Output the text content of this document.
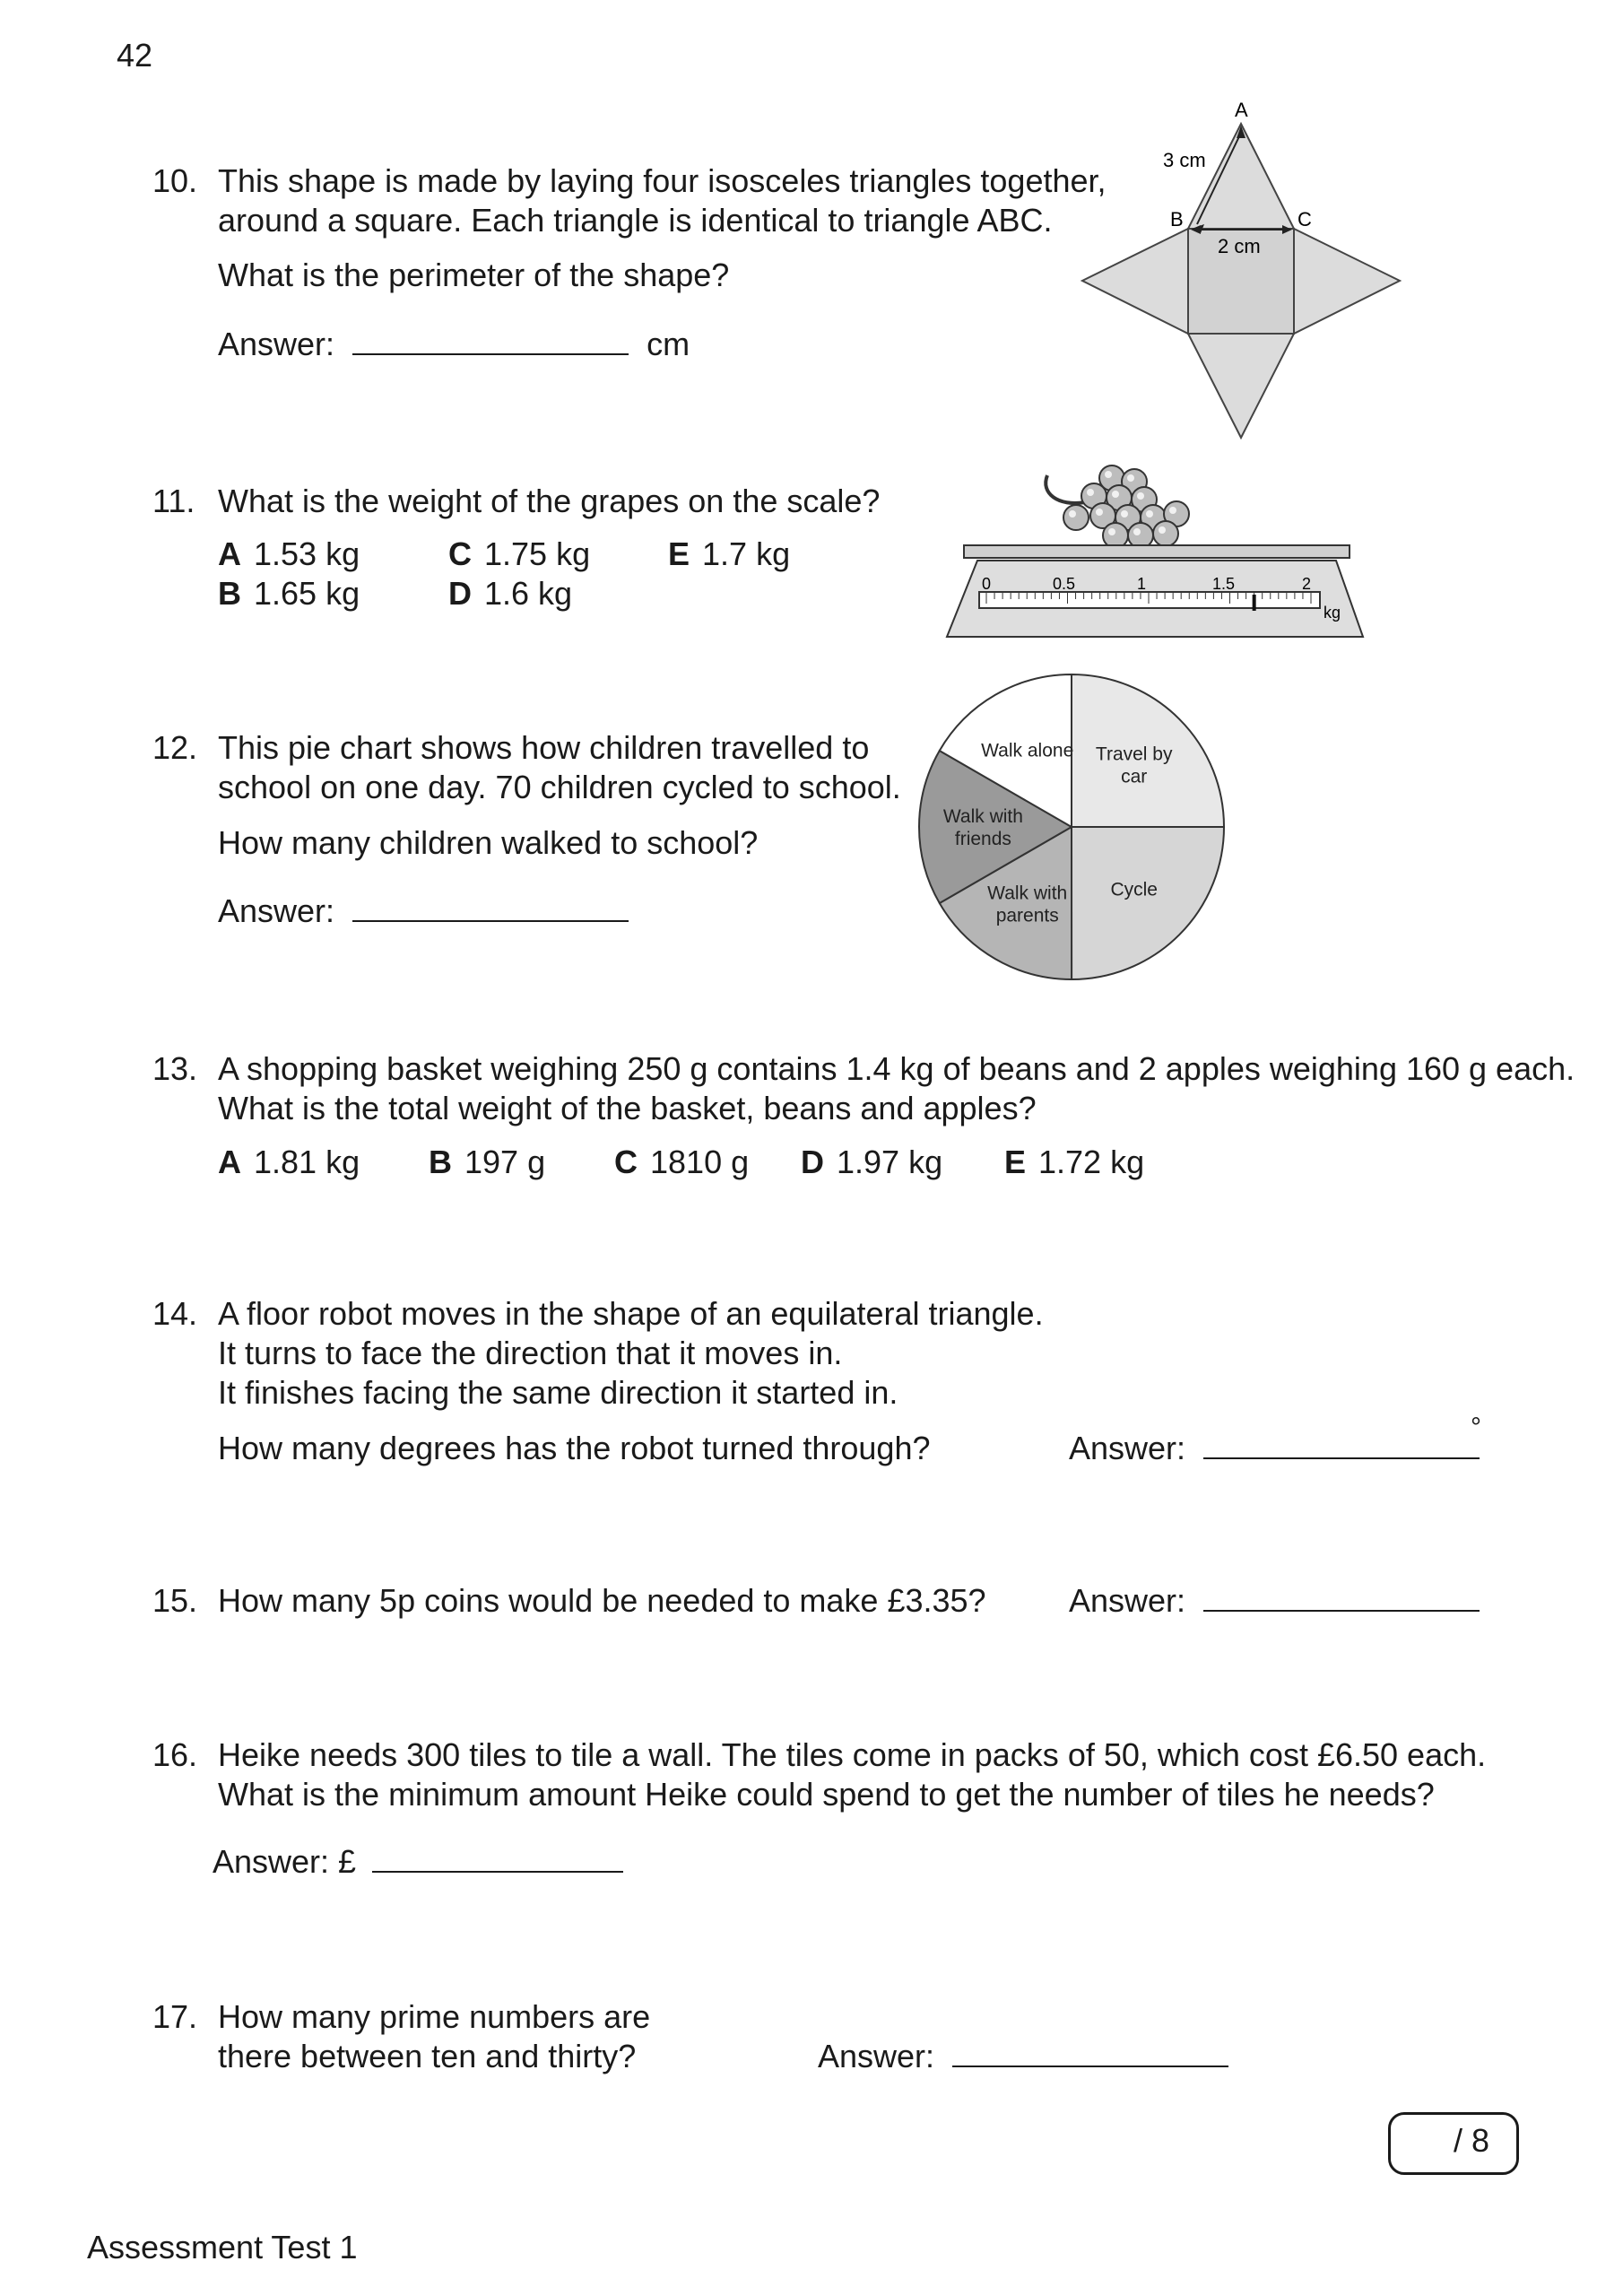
42
10. This shape is made by laying four isosceles triangles together,
around a square. Each triangle is identical to triangle ABC.
What is the perimeter of the shape?
Answer:	cm
A
B	C
3 cm
2 cm
11. What is the weight of the grapes on the scale?
A 1.53 kg
B 1.65 kg
C 1.75 kg
D 1.6 kg
E 1.7 kg
0	0.5	1	1.5	2
kg
12. This pie chart shows how children travelled to
school on one day. 70 children cycled to school.
How many children walked to school?
Answer:
Travel by car
Cycle
Walk with parents
Walk with friends
Walk alone
13. A shopping basket weighing 250 g contains 1.4 kg of beans and 2 apples weighing 160 g each.
What is the total weight of the basket, beans and apples?
A 1.81 kg B 197 g C 1810 g D 1.97 kg E 1.72 kg
14. A floor robot moves in the shape of an equilateral triangle.
It turns to face the direction that it moves in.
It finishes facing the same direction it started in.
How many degrees has the robot turned through?	Answer:
°
15. How many 5p coins would be needed to make £3.35?	Answer:
16. Heike needs 300 tiles to tile a wall. The tiles come in packs of 50, which cost £6.50 each.
What is the minimum amount Heike could spend to get the number of tiles he needs?
Answer: £
17. How many prime numbers are
there between ten and thirty?	Answer:
/ 8
Assessment Test 1
